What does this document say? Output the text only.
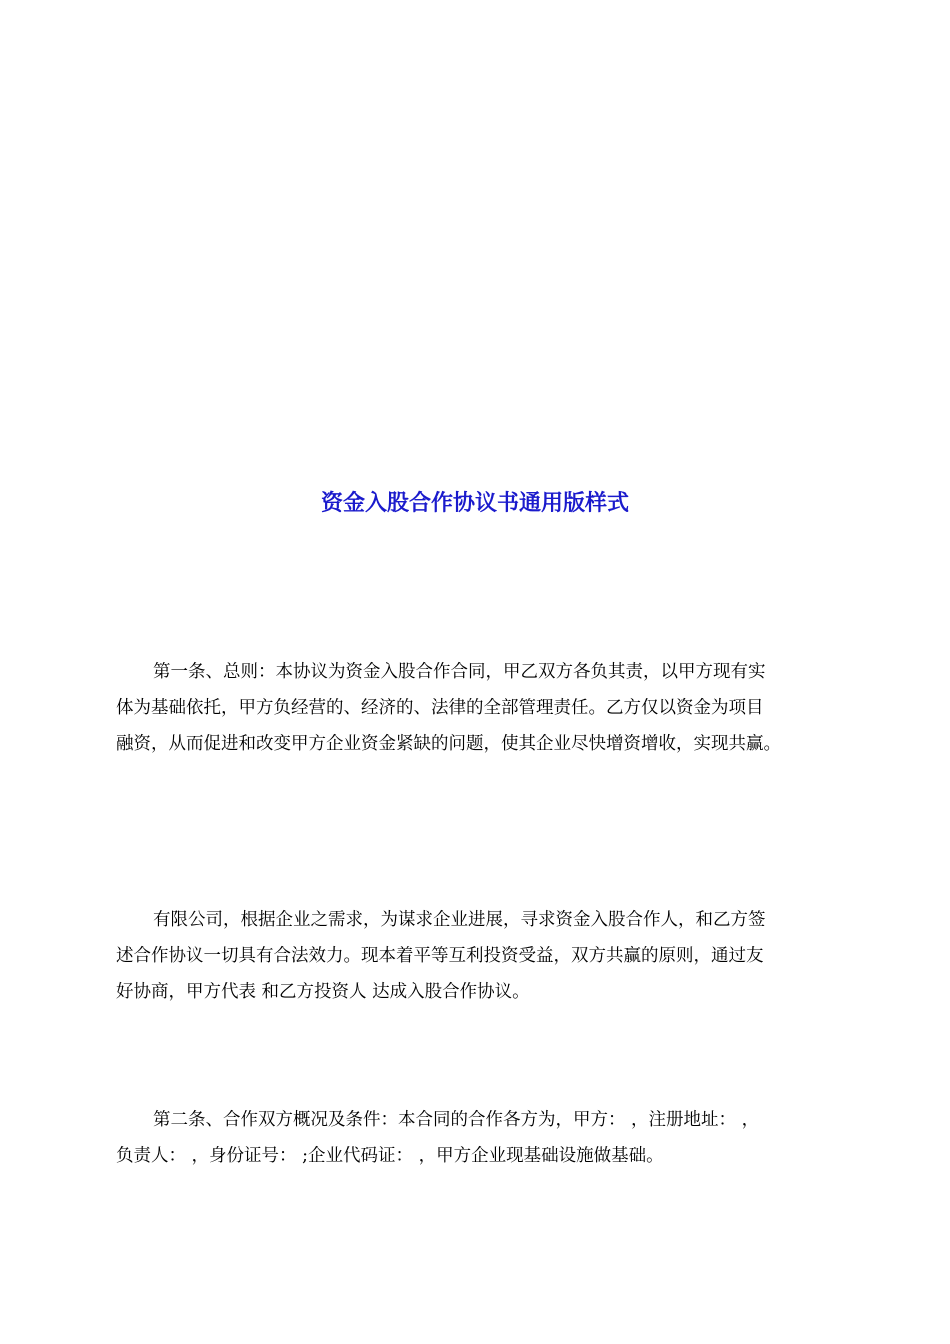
资金入股合作协议书通用版样式
第一条、总则：本协议为资金入股合作合同，甲乙双方各负其责，以甲方现有实
体为基础依托，甲方负经营的、经济的、法律的全部管理责任。乙方仅以资金为项目
融资，从而促进和改变甲方企业资金紧缺的问题，使其企业尽快增资增收，实现共赢。
有限公司，根据企业之需求，为谋求企业进展，寻求资金入股合作人，和乙方签
述合作协议一切具有合法效力。现本着平等互利投资受益，双方共赢的原则，通过友
好协商，甲方代表 和乙方投资人 达成入股合作协议。
第二条、合作双方概况及条件：本合同的合作各方为，甲方： ，注册地址： ，
负责人： ，身份证号： ;企业代码证： ，甲方企业现基础设施做基础。
